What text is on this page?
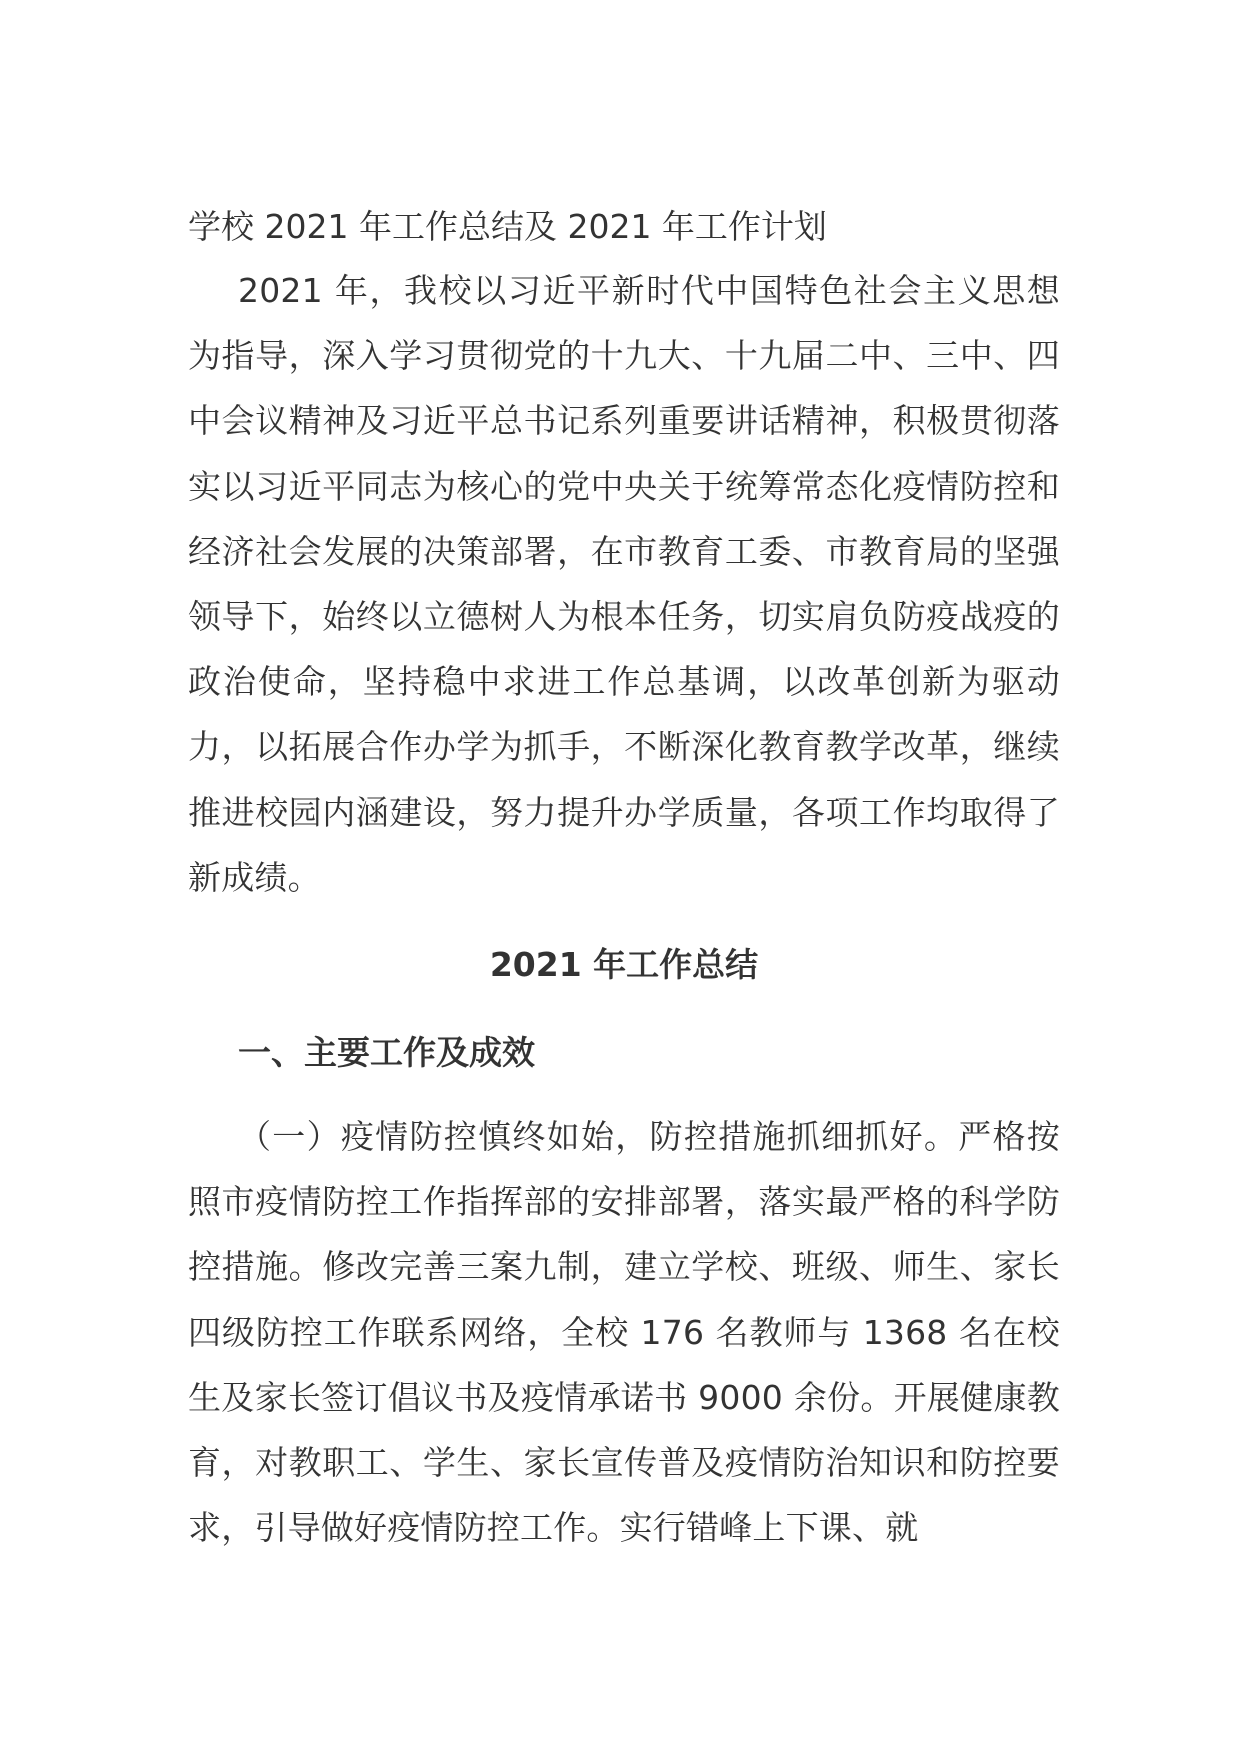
学校 2021 年工作总结及 2021 年工作计划

2021 年，我校以习近平新时代中国特色社会主义思想为指导，深入学习贯彻党的十九大、十九届二中、三中、四中会议精神及习近平总书记系列重要讲话精神，积极贯彻落实以习近平同志为核心的党中央关于统筹常态化疫情防控和经济社会发展的决策部署，在市教育工委、市教育局的坚强领导下，始终以立德树人为根本任务，切实肩负防疫战疫的政治使命，坚持稳中求进工作总基调，以改革创新为驱动力，以拓展合作办学为抓手，不断深化教育教学改革，继续推进校园内涵建设，努力提升办学质量，各项工作均取得了新成绩。

2021 年工作总结
一、主要工作及成效

（一）疫情防控慎终如始，防控措施抓细抓好。严格按照市疫情防控工作指挥部的安排部署，落实最严格的科学防控措施。修改完善三案九制，建立学校、班级、师生、家长四级防控工作联系网络，全校 176 名教师与 1368 名在校生及家长签订倡议书及疫情承诺书 9000 余份。开展健康教育，对教职工、学生、家长宣传普及疫情防治知识和防控要求，引导做好疫情防控工作。实行错峰上下课、就
